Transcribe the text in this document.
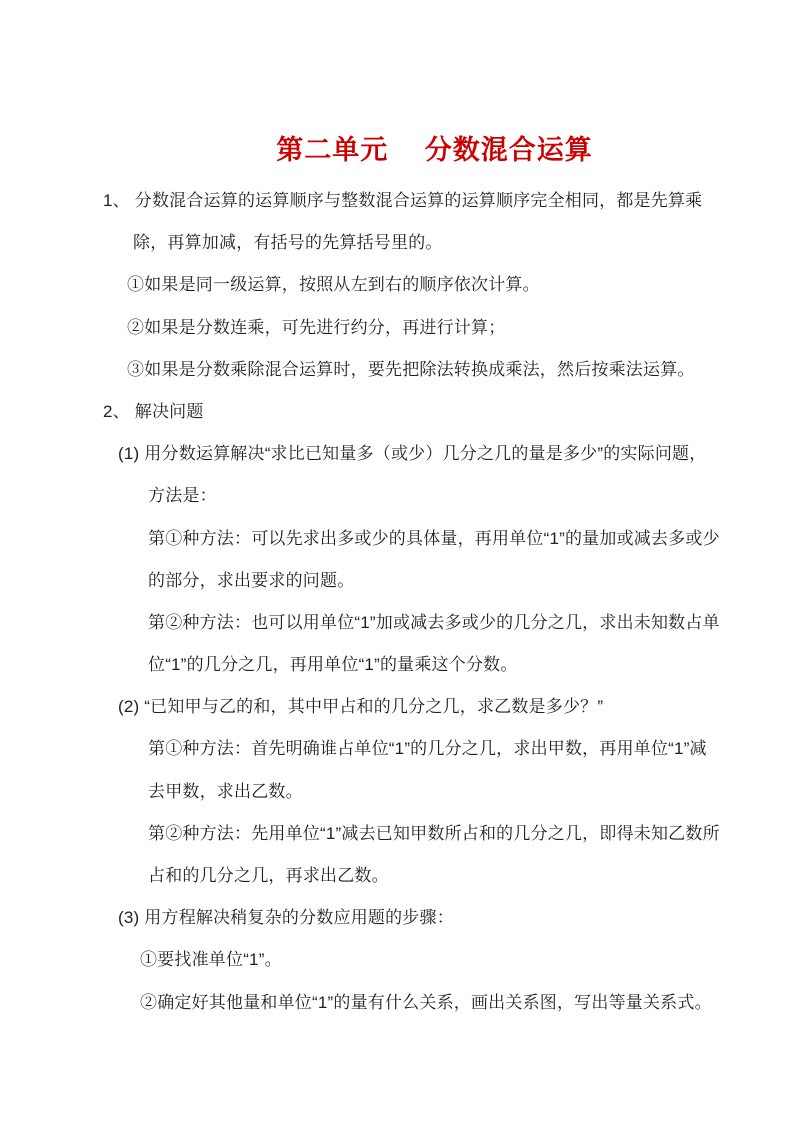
第二单元　 分数混合运算
1、 分数混合运算的运算顺序与整数混合运算的运算顺序完全相同，都是先算乘
除，再算加减，有括号的先算括号里的。
①如果是同一级运算，按照从左到右的顺序依次计算。
②如果是分数连乘，可先进行约分，再进行计算；
③如果是分数乘除混合运算时，要先把除法转换成乘法，然后按乘法运算。
2、 解决问题
(1) 用分数运算解决“求比已知量多（或少）几分之几的量是多少”的实际问题，
方法是：
第①种方法：可以先求出多或少的具体量，再用单位“1”的量加或减去多或少
的部分，求出要求的问题。
第②种方法：也可以用单位“1”加或减去多或少的几分之几，求出未知数占单
位“1”的几分之几，再用单位“1”的量乘这个分数。
(2) “已知甲与乙的和，其中甲占和的几分之几，求乙数是多少？”
第①种方法：首先明确谁占单位“1”的几分之几，求出甲数，再用单位“1”减
去甲数，求出乙数。
第②种方法：先用单位“1”减去已知甲数所占和的几分之几，即得未知乙数所
占和的几分之几，再求出乙数。
(3) 用方程解决稍复杂的分数应用题的步骤：
①要找准单位“1”。
②确定好其他量和单位“1”的量有什么关系，画出关系图，写出等量关系式。
